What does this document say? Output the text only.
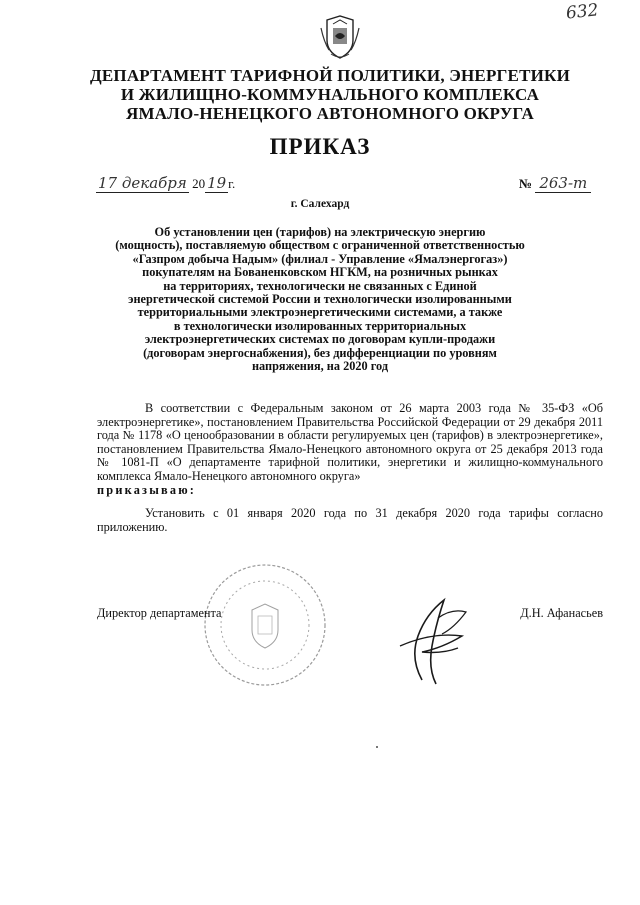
632
ДЕПАРТАМЕНТ ТАРИФНОЙ ПОЛИТИКИ, ЭНЕРГЕТИКИ
И ЖИЛИЩНО-КОММУНАЛЬНОГО КОМПЛЕКСА
ЯМАЛО-НЕНЕЦКОГО АВТОНОМНОГО ОКРУГА
ПРИКАЗ
17 декабря 20 19 г.	№ 263-т
г. Салехард
Об установлении цен (тарифов) на электрическую энергию
(мощность), поставляемую обществом с ограниченной ответственностью
«Газпром добыча Надым» (филиал - Управление «Ямалэнергогаз»)
покупателям на Бованенковском НГКМ, на розничных рынках
на территориях, технологически не связанных с Единой
энергетической системой России и технологически изолированными
территориальными электроэнергетическими системами, а также
в технологически изолированных территориальных
электроэнергетических системах по договорам купли-продажи
(договорам энергоснабжения), без дифференциации по уровням
напряжения, на 2020 год

В соответствии с Федеральным законом от 26 марта 2003 года № 35-ФЗ «Об электроэнергетике», постановлением Правительства Российской Федерации от 29 декабря 2011 года № 1178 «О ценообразовании в области регулируемых цен (тарифов) в электроэнергетике», постановлением Правительства Ямало-Ненецкого автономного округа от 25 декабря 2013 года № 1081-П «О департаменте тарифной политики, энергетики и жилищно-коммунального комплекса Ямало-Ненецкого автономного округа»

приказываю:

Установить с 01 января 2020 года по 31 декабря 2020 года тарифы согласно приложению.

Директор департамента	Д.Н. Афанасьев
